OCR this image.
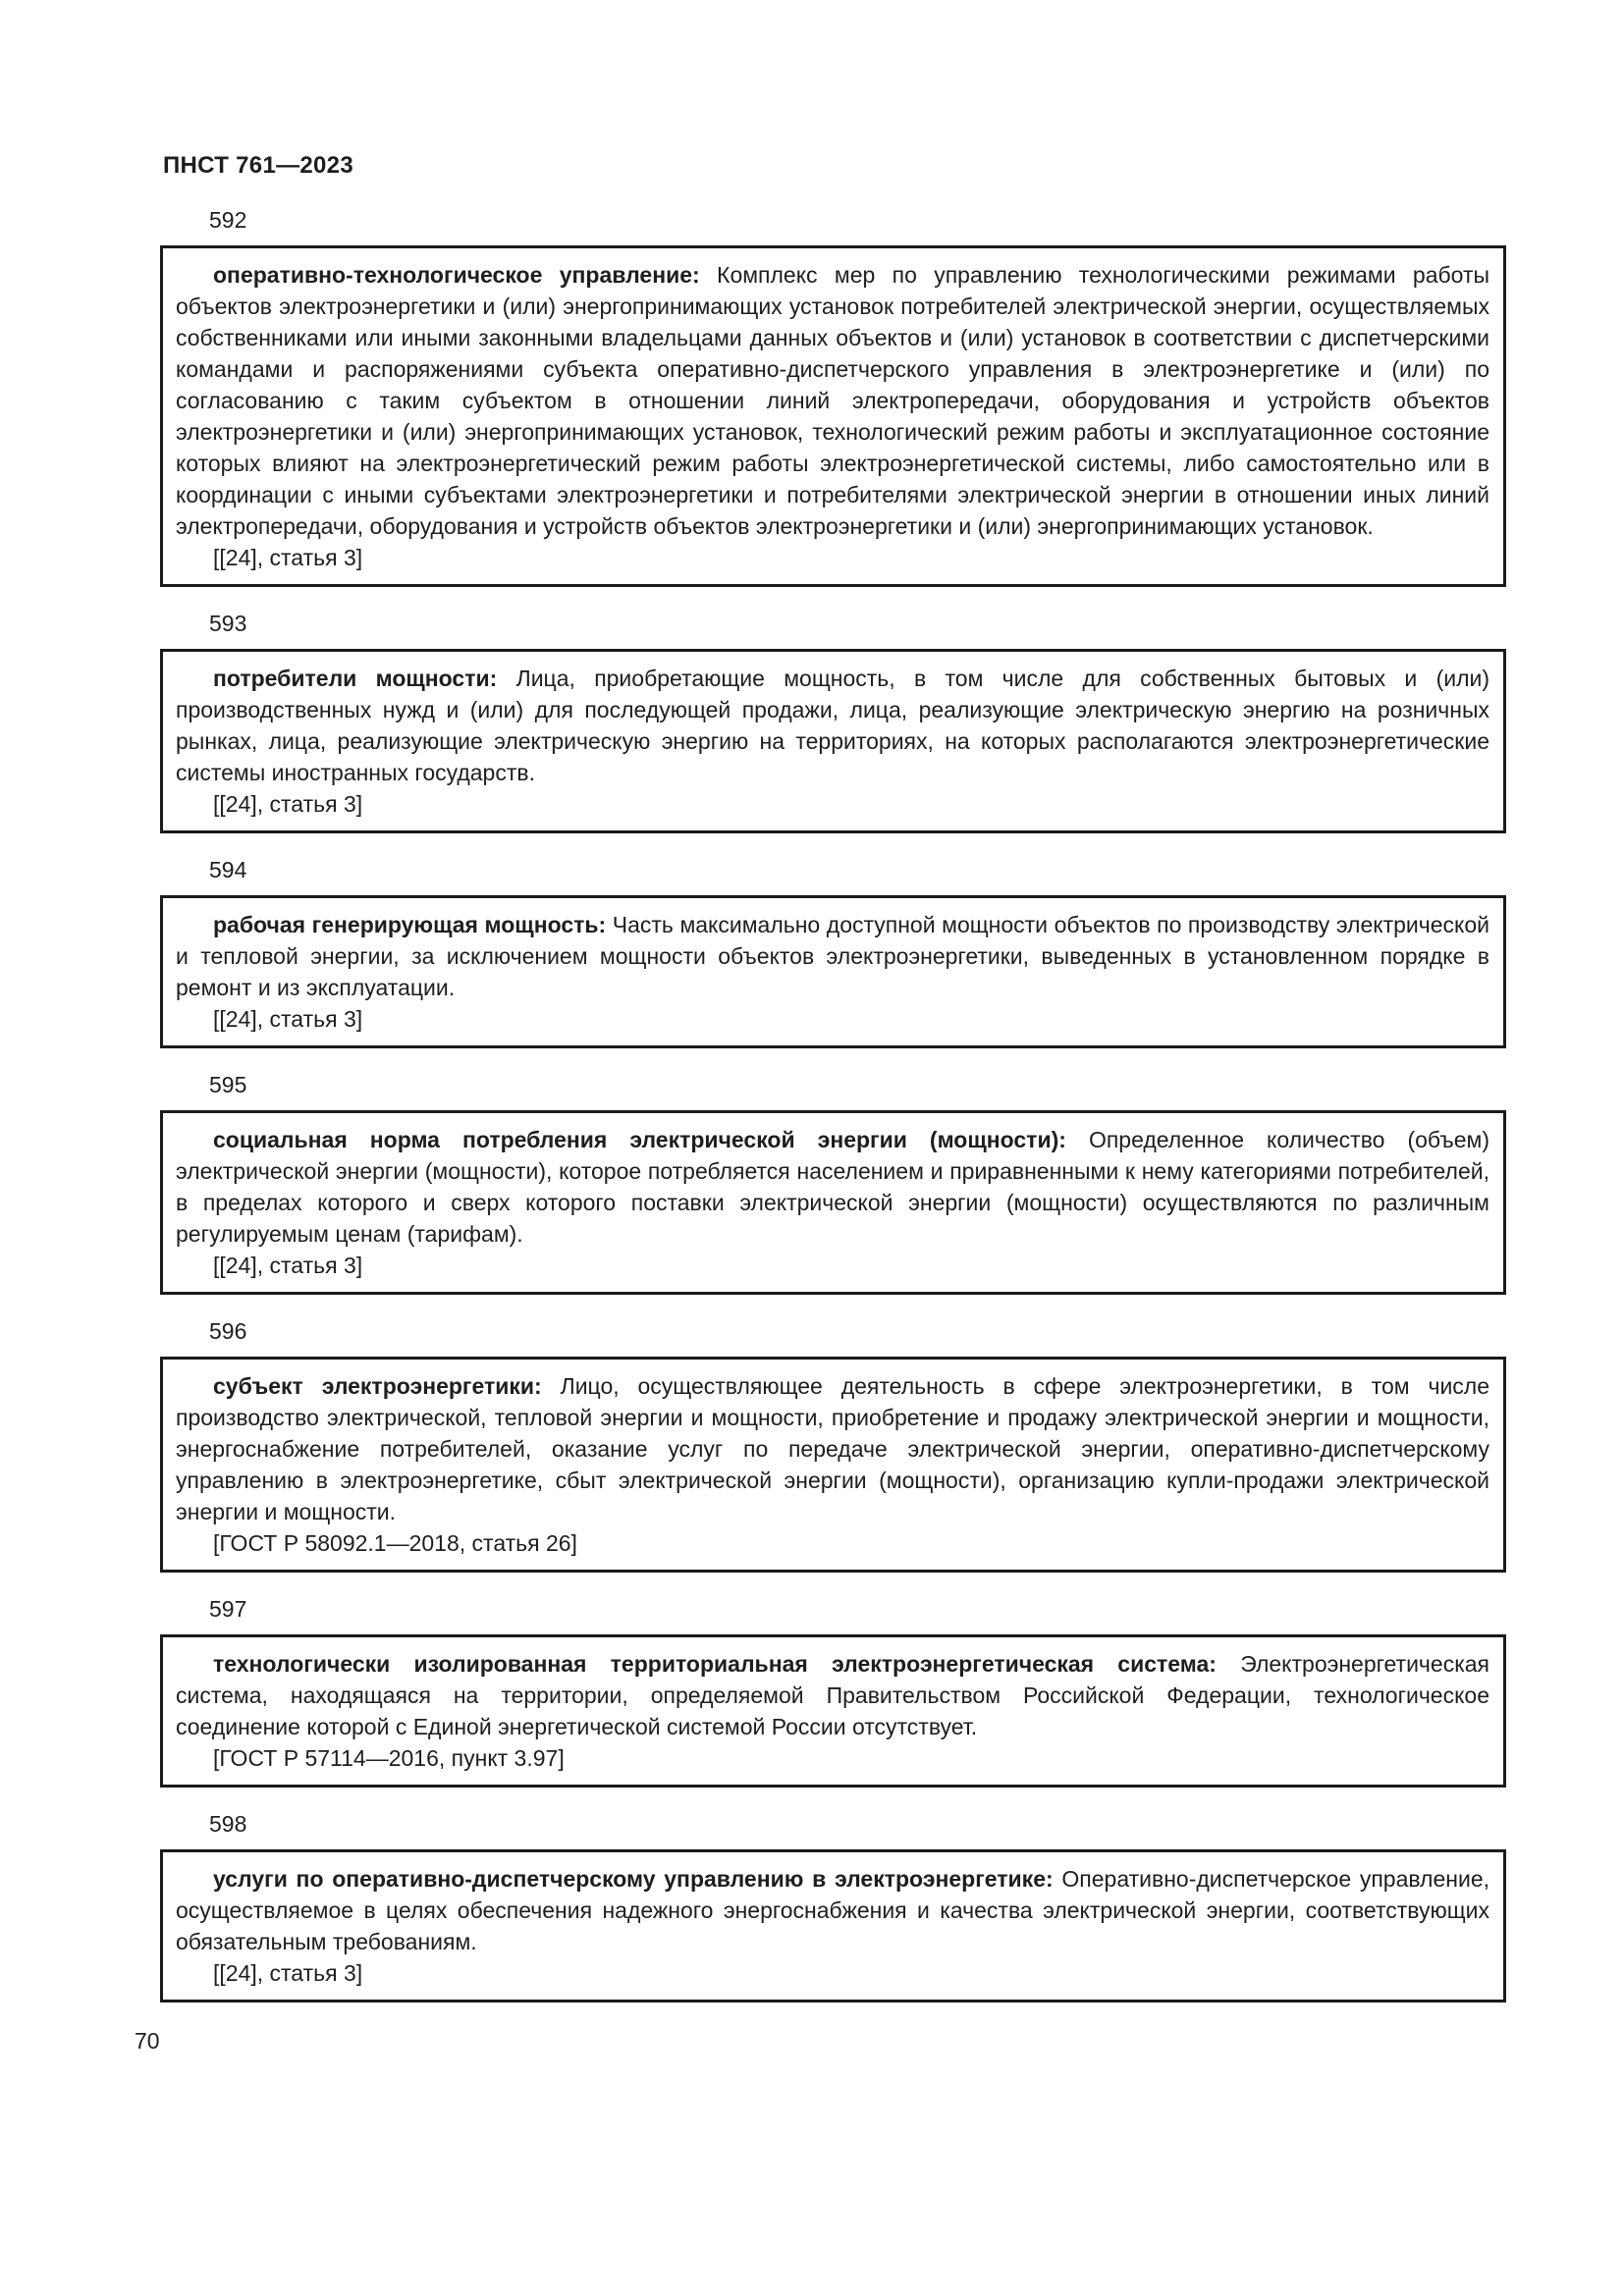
ПНСТ 761—2023
592

оперативно-технологическое управление: Комплекс мер по управлению технологическими режимами работы объектов электроэнергетики и (или) энергопринимающих установок потребителей электрической энергии, осуществляемых собственниками или иными законными владельцами данных объектов и (или) установок в соответствии с диспетчерскими командами и распоряжениями субъекта оперативно-диспетчерского управления в электроэнергетике и (или) по согласованию с таким субъектом в отношении линий электропередачи, оборудования и устройств объектов электроэнергетики и (или) энергопринимающих установок, технологический режим работы и эксплуатационное состояние которых влияют на электроэнергетический режим работы электроэнергетической системы, либо самостоятельно или в координации с иными субъектами электроэнергетики и потребителями электрической энергии в отношении иных линий электропередачи, оборудования и устройств объектов электроэнергетики и (или) энергопринимающих установок.

[[24], статья 3]
593

потребители мощности: Лица, приобретающие мощность, в том числе для собственных бытовых и (или) производственных нужд и (или) для последующей продажи, лица, реализующие электрическую энергию на розничных рынках, лица, реализующие электрическую энергию на территориях, на которых располагаются электроэнергетические системы иностранных государств.

[[24], статья 3]
594

рабочая генерирующая мощность: Часть максимально доступной мощности объектов по производству электрической и тепловой энергии, за исключением мощности объектов электроэнергетики, выведенных в установленном порядке в ремонт и из эксплуатации.

[[24], статья 3]
595

социальная норма потребления электрической энергии (мощности): Определенное количество (объем) электрической энергии (мощности), которое потребляется населением и приравненными к нему категориями потребителей, в пределах которого и сверх которого поставки электрической энергии (мощности) осуществляются по различным регулируемым ценам (тарифам).

[[24], статья 3]
596

субъект электроэнергетики: Лицо, осуществляющее деятельность в сфере электроэнергетики, в том числе производство электрической, тепловой энергии и мощности, приобретение и продажу электрической энергии и мощности, энергоснабжение потребителей, оказание услуг по передаче электрической энергии, оперативно-диспетчерскому управлению в электроэнергетике, сбыт электрической энергии (мощности), организацию купли-продажи электрической энергии и мощности.

[ГОСТ Р 58092.1—2018, статья 26]
597

технологически изолированная территориальная электроэнергетическая система: Электроэнергетическая система, находящаяся на территории, определяемой Правительством Российской Федерации, технологическое соединение которой с Единой энергетической системой России отсутствует.

[ГОСТ Р 57114—2016, пункт 3.97]
598

услуги по оперативно-диспетчерскому управлению в электроэнергетике: Оперативно-диспетчерское управление, осуществляемое в целях обеспечения надежного энергоснабжения и качества электрической энергии, соответствующих обязательным требованиям.

[[24], статья 3]
70
